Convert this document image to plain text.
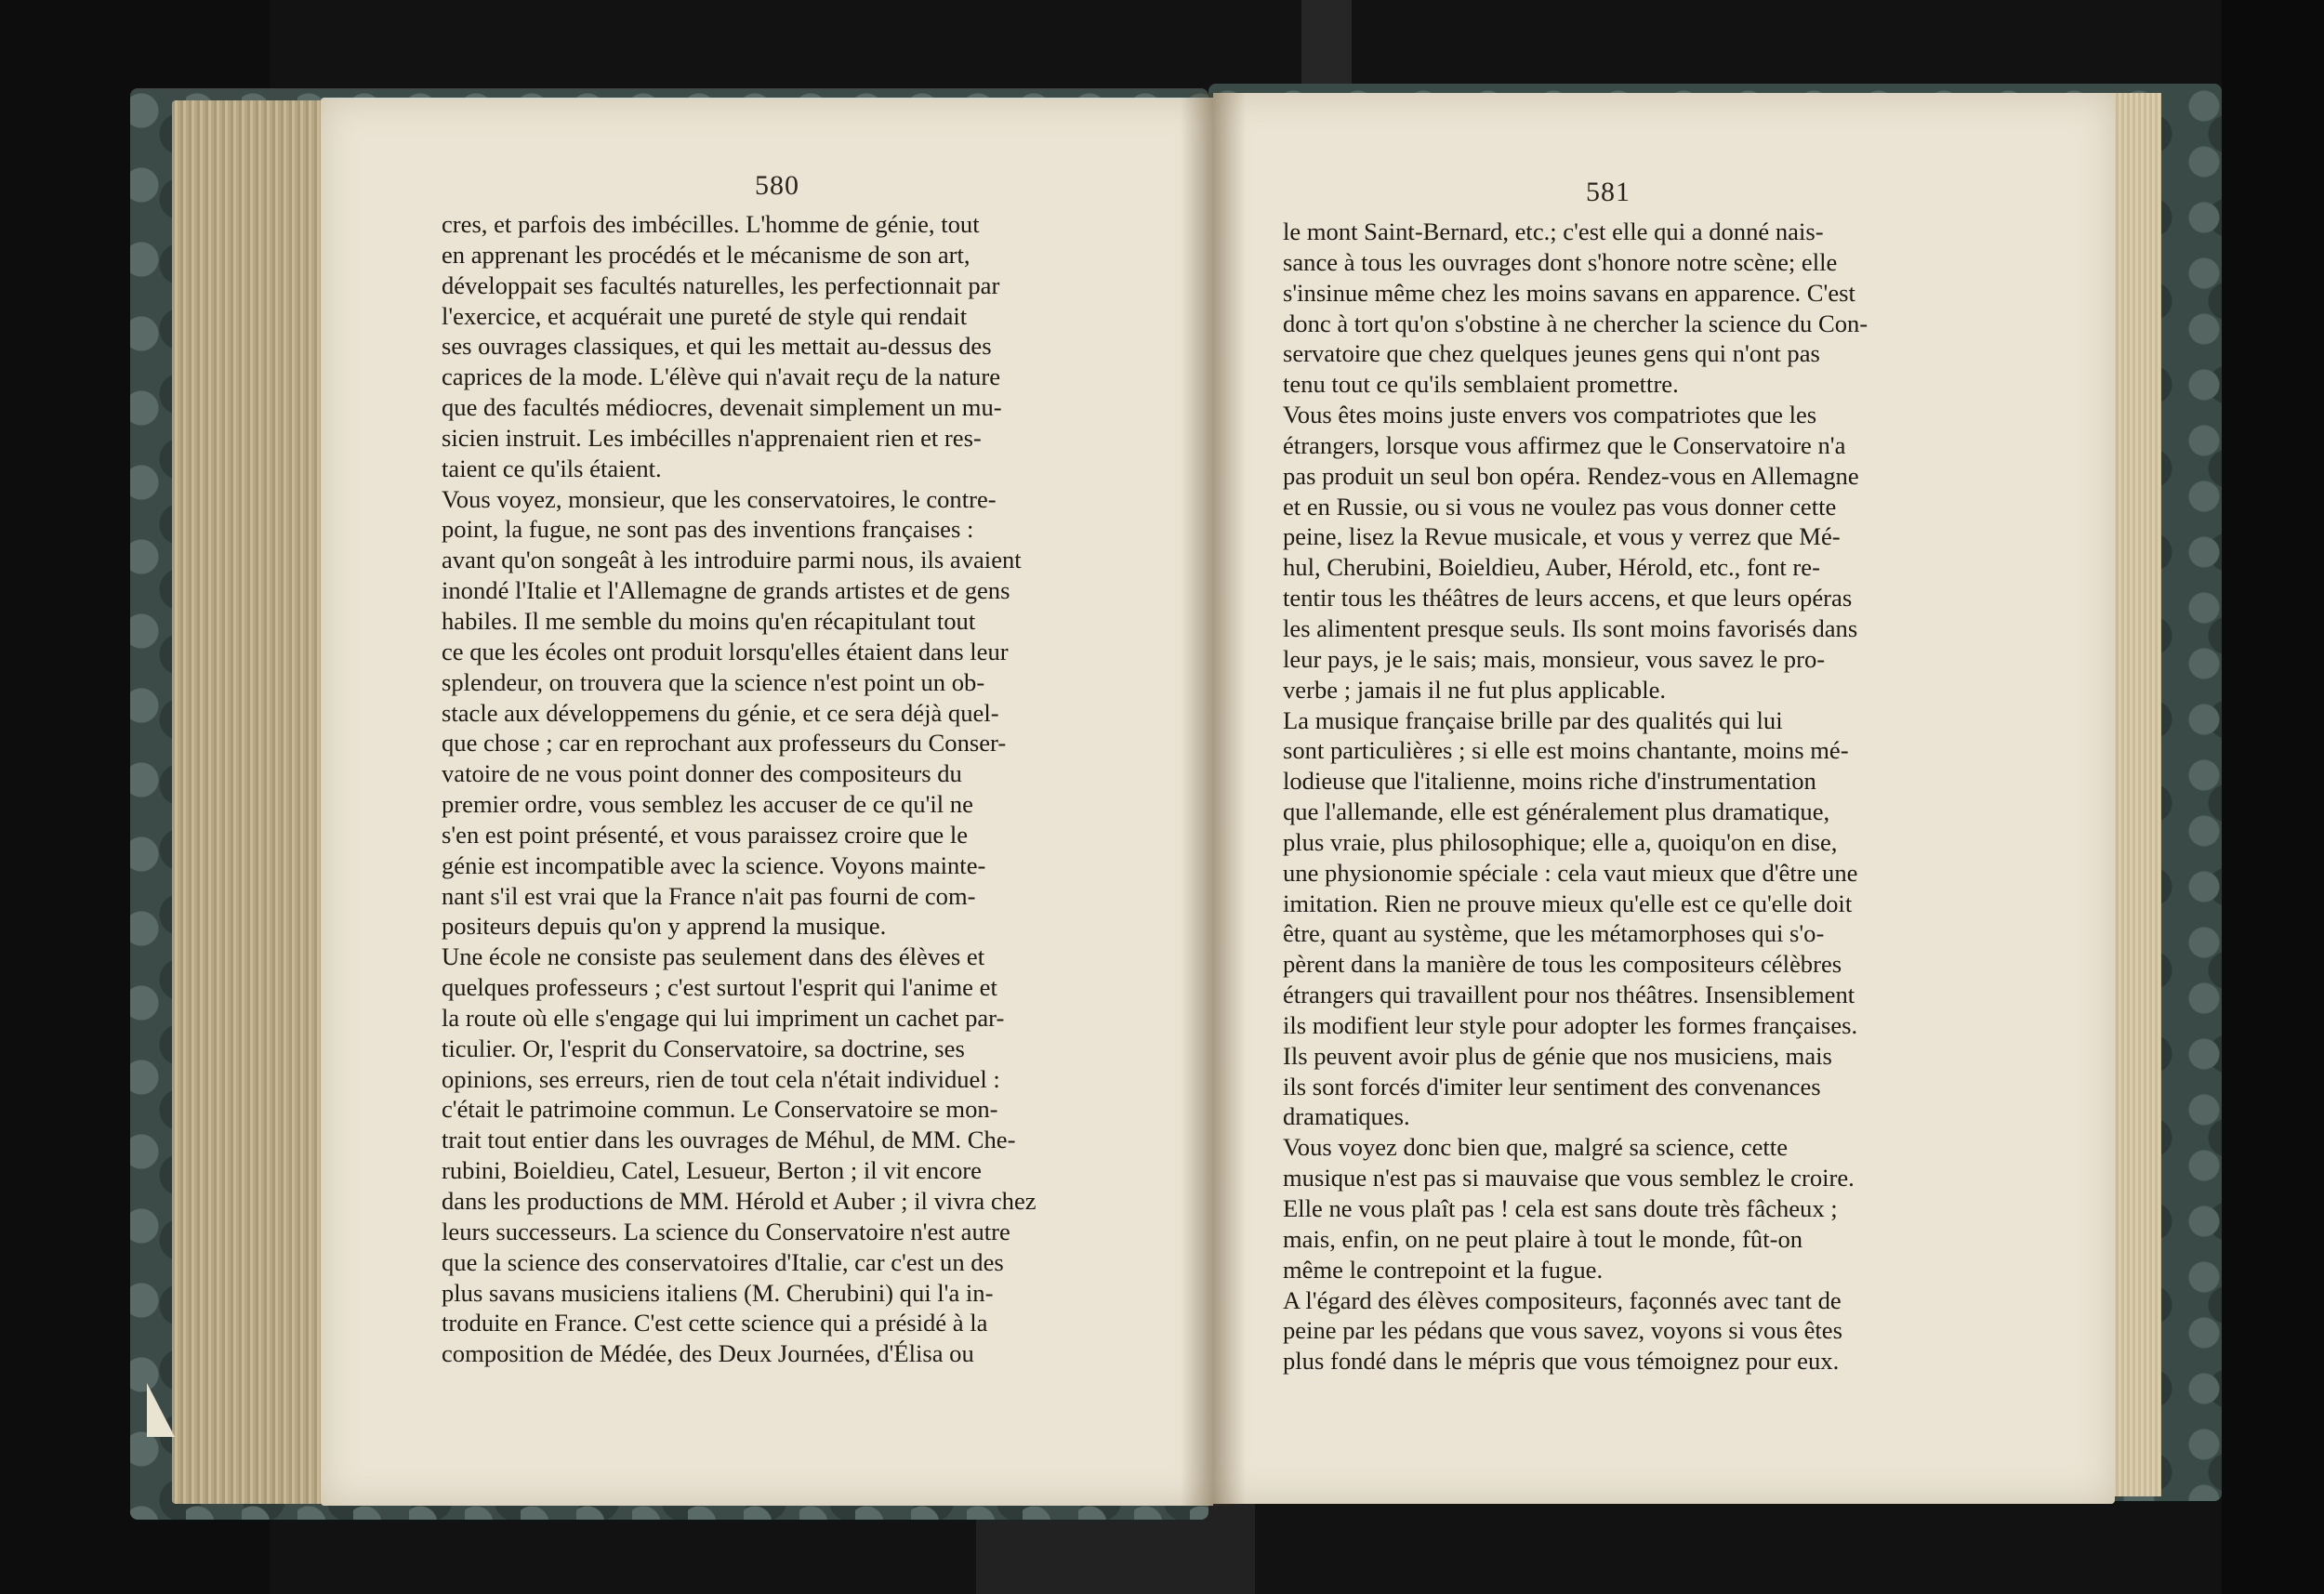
580	581
cres, et parfois des imbécilles. L'homme de génie, tout
en apprenant les procédés et le mécanisme de son art,
développait ses facultés naturelles, les perfectionnait par
l'exercice, et acquérait une pureté de style qui rendait
ses ouvrages classiques, et qui les mettait au-dessus des
caprices de la mode. L'élève qui n'avait reçu de la nature
que des facultés médiocres, devenait simplement un mu-
sicien instruit. Les imbécilles n'apprenaient rien et res-
taient ce qu'ils étaient.
Vous voyez, monsieur, que les conservatoires, le contre-
point, la fugue, ne sont pas des inventions françaises :
avant qu'on songeât à les introduire parmi nous, ils avaient
inondé l'Italie et l'Allemagne de grands artistes et de gens
habiles. Il me semble du moins qu'en récapitulant tout
ce que les écoles ont produit lorsqu'elles étaient dans leur
splendeur, on trouvera que la science n'est point un ob-
stacle aux développemens du génie, et ce sera déjà quel-
que chose ; car en reprochant aux professeurs du Conser-
vatoire de ne vous point donner des compositeurs du
premier ordre, vous semblez les accuser de ce qu'il ne
s'en est point présenté, et vous paraissez croire que le
génie est incompatible avec la science. Voyons mainte-
nant s'il est vrai que la France n'ait pas fourni de com-
positeurs depuis qu'on y apprend la musique.
Une école ne consiste pas seulement dans des élèves et
quelques professeurs ; c'est surtout l'esprit qui l'anime et
la route où elle s'engage qui lui impriment un cachet par-
ticulier. Or, l'esprit du Conservatoire, sa doctrine, ses
opinions, ses erreurs, rien de tout cela n'était individuel :
c'était le patrimoine commun. Le Conservatoire se mon-
trait tout entier dans les ouvrages de Méhul, de MM. Che-
rubini, Boieldieu, Catel, Lesueur, Berton ; il vit encore
dans les productions de MM. Hérold et Auber ; il vivra chez
leurs successeurs. La science du Conservatoire n'est autre
que la science des conservatoires d'Italie, car c'est un des
plus savans musiciens italiens (M. Cherubini) qui l'a in-
troduite en France. C'est cette science qui a présidé à la
composition de Médée, des Deux Journées, d'Élisa ou
le mont Saint-Bernard, etc.; c'est elle qui a donné nais-
sance à tous les ouvrages dont s'honore notre scène; elle
s'insinue même chez les moins savans en apparence. C'est
donc à tort qu'on s'obstine à ne chercher la science du Con-
servatoire que chez quelques jeunes gens qui n'ont pas
tenu tout ce qu'ils semblaient promettre.
Vous êtes moins juste envers vos compatriotes que les
étrangers, lorsque vous affirmez que le Conservatoire n'a
pas produit un seul bon opéra. Rendez-vous en Allemagne
et en Russie, ou si vous ne voulez pas vous donner cette
peine, lisez la Revue musicale, et vous y verrez que Mé-
hul, Cherubini, Boieldieu, Auber, Hérold, etc., font re-
tentir tous les théâtres de leurs accens, et que leurs opéras
les alimentent presque seuls. Ils sont moins favorisés dans
leur pays, je le sais; mais, monsieur, vous savez le pro-
verbe ; jamais il ne fut plus applicable.
La musique française brille par des qualités qui lui
sont particulières ; si elle est moins chantante, moins mé-
lodieuse que l'italienne, moins riche d'instrumentation
que l'allemande, elle est généralement plus dramatique,
plus vraie, plus philosophique; elle a, quoiqu'on en dise,
une physionomie spéciale : cela vaut mieux que d'être une
imitation. Rien ne prouve mieux qu'elle est ce qu'elle doit
être, quant au système, que les métamorphoses qui s'o-
pèrent dans la manière de tous les compositeurs célèbres
étrangers qui travaillent pour nos théâtres. Insensiblement
ils modifient leur style pour adopter les formes françaises.
Ils peuvent avoir plus de génie que nos musiciens, mais
ils sont forcés d'imiter leur sentiment des convenances
dramatiques.
Vous voyez donc bien que, malgré sa science, cette
musique n'est pas si mauvaise que vous semblez le croire.
Elle ne vous plaît pas ! cela est sans doute très fâcheux ;
mais, enfin, on ne peut plaire à tout le monde, fût-on
même le contrepoint et la fugue.
A l'égard des élèves compositeurs, façonnés avec tant de
peine par les pédans que vous savez, voyons si vous êtes
plus fondé dans le mépris que vous témoignez pour eux.
